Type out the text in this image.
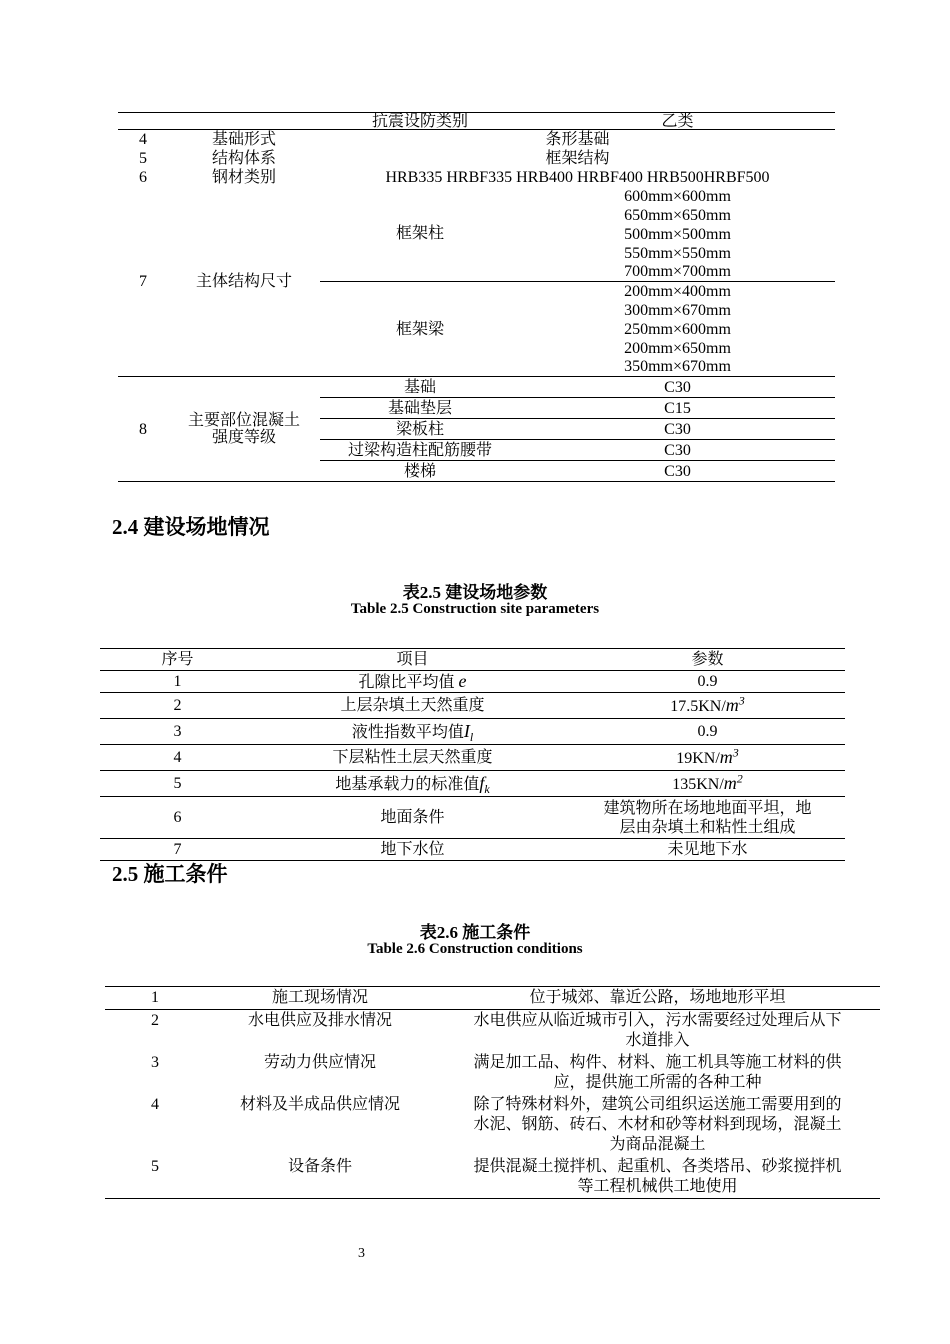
		抗震设防类别	乙类
4	基础形式	条形基础	
5	结构体系	框架结构	
6	钢材类别	HRB335 HRBF335 HRB400 HRBF400 HRB500HRBF500	
7	主体结构尺寸	框架柱	600mm×600mm
			650mm×650mm
			500mm×500mm
			550mm×550mm
			700mm×700mm
		框架梁	200mm×400mm
			300mm×670mm
			250mm×600mm
			200mm×650mm
			350mm×670mm
8	主要部位混凝土强度等级	基础	C30
		基础垫层	C15
		梁板柱	C30
		过梁构造柱配筋腰带	C30
		楼梯	C30
2.4 建设场地情况
表2.5 建设场地参数
Table 2.5 Construction site parameters
序号	项目	参数
1	孔隙比平均值 e	0.9
2	上层杂填土天然重度	$17.5KN/m^3$
3	液性指数平均值$I_l$	0.9
4	下层粘性土层天然重度	$19KN/m^3$
5	地基承载力的标准值$f_k$	$135KN/m^2$
6	地面条件	建筑物所在场地地面平坦，地层由杂填土和粘性土组成
7	地下水位	未见地下水
2.5 施工条件
表2.6 施工条件
Table 2.6 Construction conditions
1	施工现场情况	位于城郊、靠近公路，场地地形平坦
2	水电供应及排水情况	水电供应从临近城市引入，污水需要经过处理后从下水道排入
3	劳动力供应情况	满足加工品、构件、材料、施工机具等施工材料的供应，提供施工所需的各种工种
4	材料及半成品供应情况	除了特殊材料外，建筑公司组织运送施工需要用到的水泥、钢筋、砖石、木材和砂等材料到现场，混凝土为商品混凝土
5	设备条件	提供混凝土搅拌机、起重机、各类塔吊、砂浆搅拌机等工程机械供工地使用
3
